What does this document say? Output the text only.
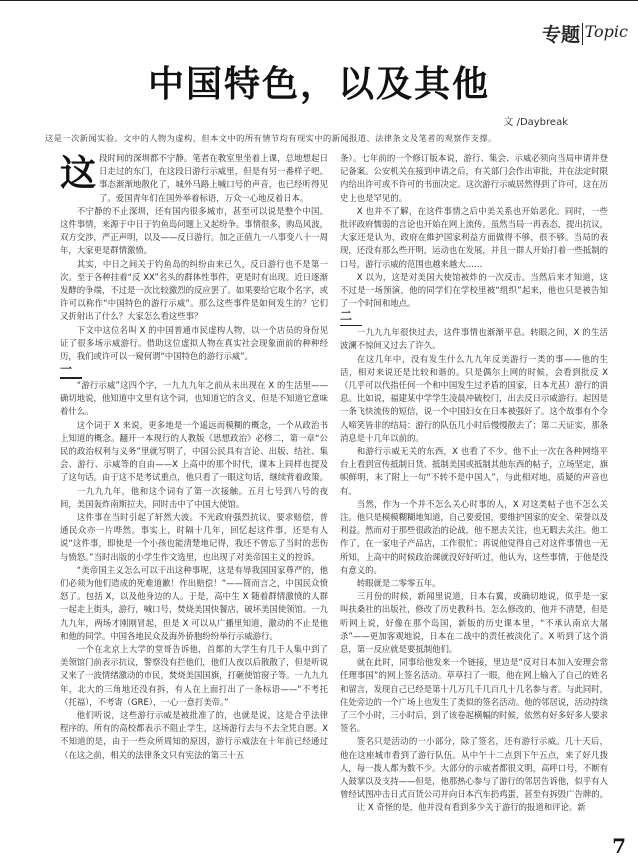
专题 Topic
中国特色，以及其他
文 /Daybreak
这是一次新闻实验。文中的人物为虚构，但本文中的所有情节均有现实中的新闻报道、法律条文及笔者的观察作支撑。

这段时间的深圳都不宁静。笔者在教室里坐着上课，总地想起日日走过的东门，在这段日游行示威里，但是有另一番样子吧。事态渐渐地散化了，城外马路上喊口号的声音，也已经听得见了。爱国青年们在国外举着标语，万众一心地反着日本。

不宁静的不止深圳，还有国内很多城市，甚至可以说是整个中国。这件事情，来源于中日于钓鱼岛问题上又起纷争。事情很多，购岛风波，双方交涉，严正声明，以及——反日游行。加之正值九一八事变八十一周年，大家更是群情激愤。

其实，中日之间关于钓鱼岛的纠纷由来已久，反日游行也不是第一次。至于各种挂着“反 XX”名头的群体性事件，更是时有出现。近日逐渐发酵的争端，不过是一次比较激烈的反应罢了。如果要给它取个名字，或许可以称作“中国特色的游行示威”。那么这些事件是如何发生的？它们又折射出了什么？大家怎么看这些事？

下文中这位名叫 X 的中国普通市民虚构人物，以一个店员的身份见证了很多场示威游行。借助这位虚拟人物在真实社会现象面前的种种经历，我们或许可以一窥何谓“中国特色的游行示威”。

一

“游行示威”这四个字，一九九九年之前从未出现在 X 的生活里——确切地说，他知道中文里有这个词，也知道它的含义，但是不知道它意味着什么。

这个词于 X 来说，更多地是一个遥远而模糊的概念，一个从政治书上知道的概念。翻开一本现行的人教版《思想政治》必修二，第一章“公民的政治权利与义务”里就写明了，中国公民具有言论、出版、结社、集会、游行、示威等的自由——X 上高中的那个时代，课本上同样也提及了这句话。由于这不是考试重点，他只看了一眼这句话，继续背着政策。

一九九九年，他和这个词有了第一次接触。五月七号到八号的夜间，美国轰炸南斯拉夫，同时击中了中国大使馆。

这件事在当时引起了轩然大波。不光政府强烈抗议，要求赔偿，普通民众亦一片哗然。事实上，时隔十几年，回忆起这件事，还是有人说“这件事，即使是一个小孩也能清楚地记得，我还不曾忘了当时的悲伤与愤怒。”当时出版的小学生作文选里，也出现了对美帝国主义的控诉。

“美帝国主义怎么可以干出这种事呢，这是有辱我国国家尊严的，他们必须为他们造成的死难道歉！作出赔偿！”——简而言之，中国民众愤怒了。包括 X，以及他身边的人。于是，高中生 X 随着群情激愤的人群一起走上街头，游行，喊口号，焚烧美国快餐店，破坏美国使领馆。一九九九年，两场才刚刚冒起，但是 X 可以从广播里知道，激动的不止是他和他的同学。中国各地民众及海外侨胞纷纷举行示威游行。

一个在北京上大学的堂哥告诉他，首都的大学生有几千人集中到了美领馆门前表示抗议，警察没有拦他们，他们人夜以后散散了，但是听说又来了一波情绪激动的市民，焚烧美国国旗，打砸使馆窗子等。一九九九年，北大的三角地还没有拆，有人在上面打出了一条标语——“不考托（托福），不考寄（GRE），一心一意打美帝。”

他们听说，这些游行示威是被批准了的，也就是说，这是合乎法律程序的。所有的高校都表示不阻止学生，这场游行去与不去全凭自愿。X 不知道的是，由于一些众所周知的原因，游行示威法在十年前已经通过（在这之前，相关的法律条文只有宪法的第三十五

条）。七年前的一个修订版本说，游行、集会、示威必须向当局申请并登记备案。公安机关在接到申请之后，有关部门会作出审批，并在法定时限内给出许可或不许可的书面决定。这次游行示威居然得到了许可，这在历史上也是罕见的。

X 也并不了解，在这件事情之后中美关系也开始恶化。同时，一些批评政府懦弱的言论也开始在网上流传。虽然当局一再表态，提出抗议，大家还是认为，政府在維护国家利益方面做得不够，很不够。当局的表现，还没有那么些开明，运动也在发展，并且一群人开始打着一些抵制的口号，游行示威的范围也越来越大……

X 以为，这是对美国大使馆被炸的一次反击。当然后来才知道，这不过是一场预演，他的同学们在学校里被“组织”起来，他也只是被告知了一个时间和地点。

二

一九九九年很快过去，这件事情也渐渐平息。转眼之间，X 的生活波澜不惊间又过去了许久。

在这几年中，没有发生什么九九年反美游行一类的事——他的生活，相对来说还是比较和谐的。只是偶尔上网的时候，会看到批反 X（几乎可以代指任何一个和中国发生过矛盾的国家，日本尤甚）游行的消息。比如说，福建某中学学生凌晨冲破校门，出去反日示威游行。起因是一条飞快流传的短信，说一个中国妇女在日本被强奸了。这个故事有个令人啼笑皆非的结局：游行的队伍几小时后慢慢散去了；第二天证实，那条消息是十几年以前的。

和游行示威无关的东西，X 也看了不少。他不止一次在各种网络平台上看到宣传抵制日货、抵制美国或抵制其他东西的帖子，立场坚定，旗帜鲜明，末了附上一句“不转不是中国人”，与此相对地，质疑的声音也有。

当然，作为一个并不怎么关心时事的人，X 对这类帖子也不怎么关注。他只是模模糊糊地知道，自己要爱国，要维护国家的安全、荣誉以及利益。然而对于那些很政治的论战，他不愿去关注，也无暇去关注。他工作了，在一家电子产品店，工作很忙；再说他觉得自己对这件事情也一无所知，上高中的时候政治课就没好好听过，他认为，这些事情，于他是没有意义的。

转眼就是二零零五年。

三月份的时候，新闻里说道，日本右翼，或确切地说，似乎是一家叫扶桑社的出版社，修改了历史教科书。怎么修改的，他并不清楚，但是听网上说，好像在那个岛国，新版的历史课本里，“不承认南京大屠杀”——更加客观地说，日本在二战中的责任被淡化了。X 听到了这个消息，第一反应就是要抵制他们。

就在此时，同事给他发来一个链接，里边是“反对日本加入安理会常任理事国”的网上签名活动。草草扫了一眼，他在网上输入了自己的姓名和留言，发现自己已经是第十几万几千几百几十几名参与者。与此同时，住处旁边的一个广场上也发生了类似的签名活动。他的邻居说，活动持续了三个小时，三小时后，到了该卷起横幅的时候，依然有好多好多人要求签名。

签名只是活动的一小部分，除了签名，还有游行示威。几十天后，他在这座城市看到了游行队伍。从中午十二点到下午五点，来了好几拨人，每一拨人都为数不少。大部分的示威者都很文明，高呼口号，不断有人鼓掌以及支持——但是，他那热心参与了游行的邻居告诉他，似乎有人曾经试图冲击日式百货公司并向日本汽车扔鸡蛋，甚至有拆毁广告牌的。

让 X 奇怪的是，他并没有看到多少关于游行的报道和评论。新

7
